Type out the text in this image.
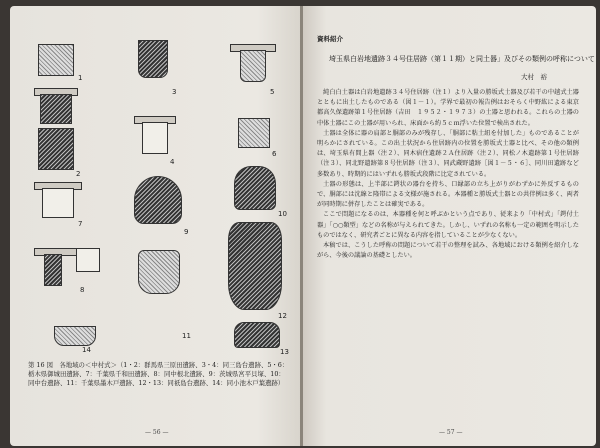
1
3	5
2
4
6
7
9
10
8
11
12
14	13
第 16 図　各地域の＜中村式＞（1・2：群馬県三原田遺跡、3・4：同三島台遺跡、5・6：栃木県御城田遺跡、7：千葉県千和田遺跡、8：同中根北遺跡、9：茨城県宮平貝塚、10：同中台遺跡、11：千葉県墨木戸遺跡、12・13：同祇島台遺跡、14：同小池木戸葉遺跡）
— 56 —
資料紹介
埼玉県白岩地遺跡３４号住居跡（第１１期）と同土器」及びその類例の呼称について
大村　裕

純白白土器は白岩地遺跡３４号住居跡（注１）より入量の勝坂式土器及び若干の中越式土器とともに出土したものである（図１－１）。学界で最初の報告例はおそらく中野紘による東京都高久保遺跡第１号住居跡（吉田　１９５２・１９７３）の土器と思われる。これらの土器の中体土器にこの土器が用いられ、床面から約５ｃｍ浮いた位置で検出された。

土器は全体に器の肩部と胴部のみが残存し、「胴部に粘土紐を付加した」ものであることが明らかにされている。この出土状況から住居跡内の位置を勝坂式土器と比べ、その他の類例は、埼玉県有間上器（注２）、同木宿住遺跡２Ａ住居跡（注２）、同松ノ木遺跡第１号住居跡（注３）、同北野遺跡第８号住居跡（注３）、同武蔵野遺跡［図１－５・６］、同川田遺跡など多数あり、時期的にはいずれも勝坂式段階に比定されている。

土器の形態は、上半部に鍔状の器台を持ち、口縁部の立ち上がりがわずかに外反するもので、胴部には沈線と隆帯による文様が施される。本器種と勝坂式土器との共伴例は多く、両者が同時期に併存したことは確実である。

ここで問題になるのは、本器種を何と呼ぶかという点であり、従来より「中村式」「鍔付土器」「○○類型」などの名称が与えられてきた。しかし、いずれの名称も一定の範囲を明示したものではなく、研究者ごとに異なる内容を指していることが少なくない。

本稿では、こうした呼称の問題について若干の整理を試み、各地域における類例を紹介しながら、今後の議論の基礎としたい。

— 57 —
